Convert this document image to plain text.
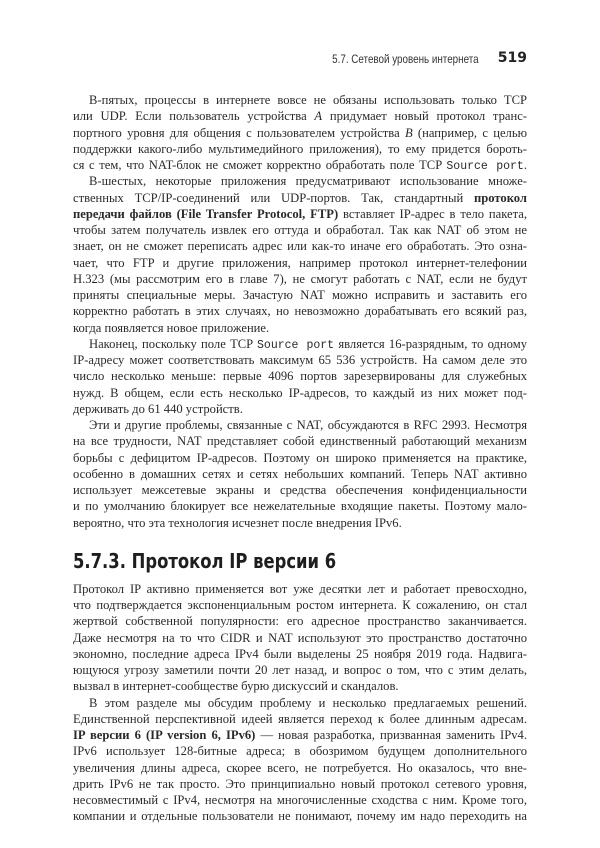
5.7. Сетевой уровень интернета 519
В-пятых, процессы в интернете вовсе не обязаны использовать только TCP
или UDP. Если пользователь устройства A придумает новый протокол транс-
портного уровня для общения с пользователем устройства B (например, с целью
поддержки какого-либо мультимедийного приложения), то ему придется бороть-
ся с тем, что NAT-блок не сможет корректно обработать поле TCP Source port.
В-шестых, некоторые приложения предусматривают использование множе-
ственных TCP/IP-соединений или UDP-портов. Так, стандартный протокол
передачи файлов (File Transfer Protocol, FTP) вставляет IP-адрес в тело пакета,
чтобы затем получатель извлек его оттуда и обработал. Так как NAT об этом не
знает, он не сможет переписать адрес или как-то иначе его обработать. Это озна-
чает, что FTP и другие приложения, например протокол интернет-телефонии
H.323 (мы рассмотрим его в главе 7), не смогут работать с NAT, если не будут
приняты специальные меры. Зачастую NAT можно исправить и заставить его
корректно работать в этих случаях, но невозможно дорабатывать его всякий раз,
когда появляется новое приложение.
Наконец, поскольку поле TCP Source port является 16-разрядным, то одному
IP-адресу может соответствовать максимум 65 536 устройств. На самом деле это
число несколько меньше: первые 4096 портов зарезервированы для служебных
нужд. В общем, если есть несколько IP-адресов, то каждый из них может под-
держивать до 61 440 устройств.
Эти и другие проблемы, связанные с NAT, обсуждаются в RFC 2993. Несмотря
на все трудности, NAT представляет собой единственный работающий механизм
борьбы с дефицитом IP-адресов. Поэтому он широко применяется на практике,
особенно в домашних сетях и сетях небольших компаний. Теперь NAT активно
использует межсетевые экраны и средства обеспечения конфиденциальности
и по умолчанию блокирует все нежелательные входящие пакеты. Поэтому мало-
вероятно, что эта технология исчезнет после внедрения IPv6.
5.7.3. Протокол IP версии 6
Протокол IP активно применяется вот уже десятки лет и работает превосходно,
что подтверждается экспоненциальным ростом интернета. К сожалению, он стал
жертвой собственной популярности: его адресное пространство заканчивается.
Даже несмотря на то что CIDR и NAT используют это пространство достаточно
экономно, последние адреса IPv4 были выделены 25 ноября 2019 года. Надвига-
ющуюся угрозу заметили почти 20 лет назад, и вопрос о том, что с этим делать,
вызвал в интернет-сообществе бурю дискуссий и скандалов.
В этом разделе мы обсудим проблему и несколько предлагаемых решений.
Единственной перспективной идеей является переход к более длинным адресам.
IP версии 6 (IP version 6, IPv6) — новая разработка, призванная заменить IPv4.
IPv6 использует 128-битные адреса; в обозримом будущем дополнительного
увеличения длины адреса, скорее всего, не потребуется. Но оказалось, что вне-
дрить IPv6 не так просто. Это принципиально новый протокол сетевого уровня,
несовместимый с IPv4, несмотря на многочисленные сходства с ним. Кроме того,
компании и отдельные пользователи не понимают, почему им надо переходить на
